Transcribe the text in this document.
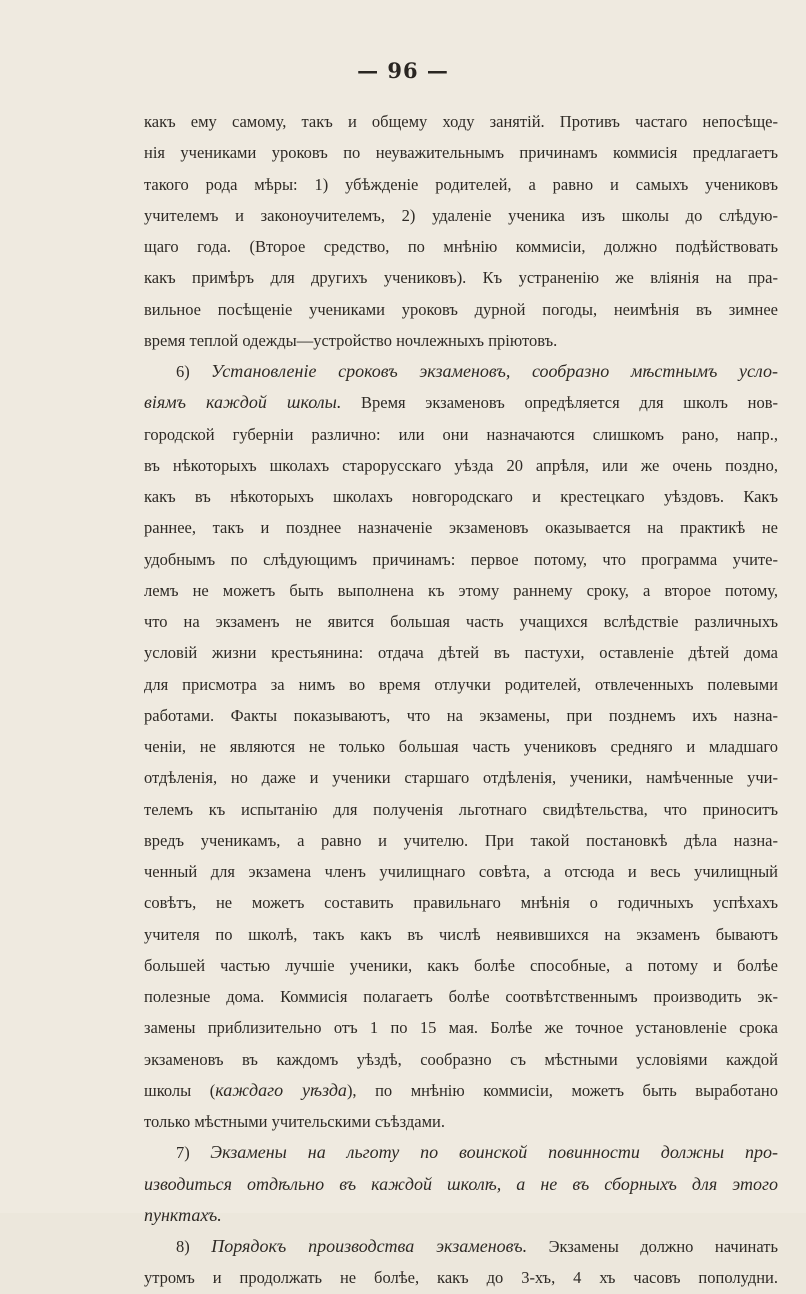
— 96 —
какъ ему самому, такъ и общему ходу занятій. Противъ частаго непосѣще-
нія учениками уроковъ по неуважительнымъ причинамъ коммисія предлагаетъ
такого рода мѣры: 1) убѣжденіе родителей, а равно и самыхъ учениковъ
учителемъ и законоучителемъ, 2) удаленіе ученика изъ школы до слѣдую-
щаго года. (Второе средство, по мнѣнію коммисіи, должно подѣйствовать
какъ примѣръ для другихъ учениковъ). Къ устраненію же вліянія на пра-
вильное посѣщеніе учениками уроковъ дурной погоды, неимѣнія въ зимнее
время теплой одежды—устройство ночлежныхъ пріютовъ.
6) Установленіе сроковъ экзаменовъ, сообразно мѣстнымъ усло-
віямъ каждой школы. Время экзаменовъ опредѣляется для школъ нов-
городской губерніи различно: или они назначаются слишкомъ рано, напр.,
въ нѣкоторыхъ школахъ старорусскаго уѣзда 20 апрѣля, или же очень поздно,
какъ въ нѣкоторыхъ школахъ новгородскаго и крестецкаго уѣздовъ. Какъ
раннее, такъ и позднее назначеніе экзаменовъ оказывается на практикѣ не
удобнымъ по слѣдующимъ причинамъ: первое потому, что программа учите-
лемъ не можетъ быть выполнена къ этому раннему сроку, а второе потому,
что на экзаменъ не явится большая часть учащихся вслѣдствіе различныхъ
условій жизни крестьянина: отдача дѣтей въ пастухи, оставленіе дѣтей дома
для присмотра за нимъ во время отлучки родителей, отвлеченныхъ полевыми
работами. Факты показываютъ, что на экзамены, при позднемъ ихъ назна-
ченіи, не являются не только большая часть учениковъ средняго и младшаго
отдѣленія, но даже и ученики старшаго отдѣленія, ученики, намѣченные учи-
телемъ къ испытанію для полученія льготнаго свидѣтельства, что приноситъ
вредъ ученикамъ, а равно и учителю. При такой постановкѣ дѣла назна-
ченный для экзамена членъ училищнаго совѣта, а отсюда и весь училищный
совѣтъ, не можетъ составить правильнаго мнѣнія о годичныхъ успѣхахъ
учителя по школѣ, такъ какъ въ числѣ неявившихся на экзаменъ бываютъ
большей частью лучшіе ученики, какъ болѣе способные, а потому и болѣе
полезные дома. Коммисія полагаетъ болѣе соотвѣтственнымъ производить эк-
замены приблизительно отъ 1 по 15 мая. Болѣе же точное установленіе срока
экзаменовъ въ каждомъ уѣздѣ, сообразно съ мѣстными условіями каждой
школы (каждаго уѣзда), по мнѣнію коммисіи, можетъ быть выработано
только мѣстными учительскими съѣздами.
7) Экзамены на льготу по воинской повинности должны про-
изводиться отдѣльно въ каждой школѣ, а не въ сборныхъ для этого
пунктахъ.
8) Порядокъ производства экзаменовъ. Экзамены должно начинать
утромъ и продолжать не болѣе, какъ до 3-хъ, 4 хъ часовъ пополудни.
